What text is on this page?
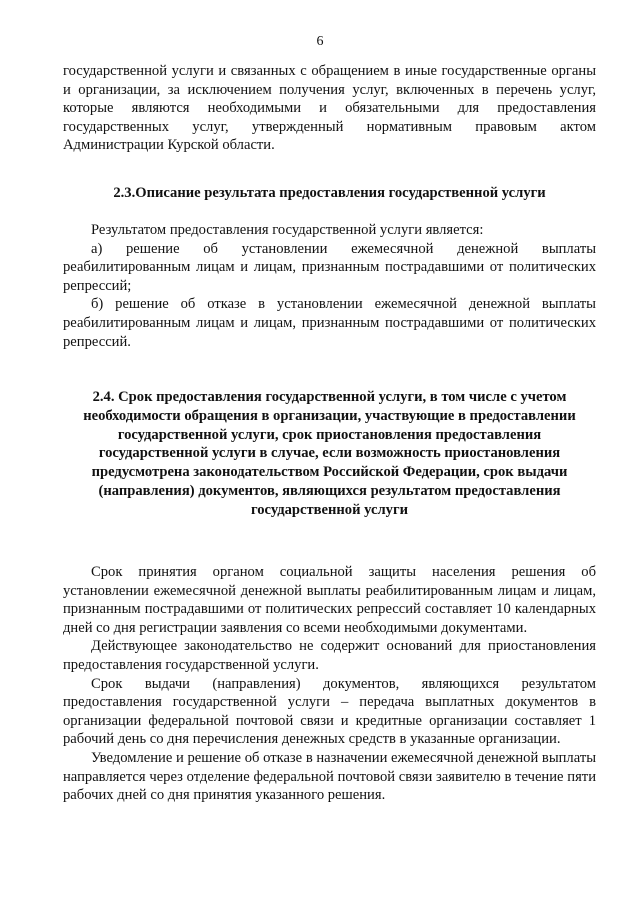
6

государственной услуги и связанных с обращением в иные государственные органы и организации, за исключением получения услуг, включенных в перечень услуг, которые являются необходимыми и обязательными для предоставления государственных услуг, утвержденный нормативным правовым актом Администрации Курской области.

2.3.Описание результата предоставления государственной услуги

Результатом предоставления государственной услуги является:

а) решение об установлении ежемесячной денежной выплаты реабилитированным лицам и лицам, признанным пострадавшими от политических репрессий;

б) решение об отказе в установлении ежемесячной денежной выплаты реабилитированным лицам и лицам, признанным пострадавшими от политических репрессий.

2.4. Срок предоставления государственной услуги, в том числе с учетом необходимости обращения в организации, участвующие в предоставлении государственной услуги, срок приостановления предоставления государственной услуги в случае, если возможность приостановления предусмотрена законодательством Российской Федерации, срок выдачи (направления) документов, являющихся результатом предоставления государственной услуги

Срок принятия органом социальной защиты населения решения об установлении ежемесячной денежной выплаты реабилитированным лицам и лицам, признанным пострадавшими от политических репрессий составляет 10 календарных дней со дня регистрации заявления со всеми необходимыми документами.

Действующее законодательство не содержит оснований для приостановления предоставления государственной услуги.

Срок выдачи (направления) документов, являющихся результатом предоставления государственной услуги – передача выплатных документов в организации федеральной почтовой связи и кредитные организации составляет 1 рабочий день со дня перечисления денежных средств в указанные организации.

Уведомление и решение об отказе в назначении ежемесячной денежной выплаты направляется через отделение федеральной почтовой связи заявителю в течение пяти рабочих дней со дня принятия указанного решения.
